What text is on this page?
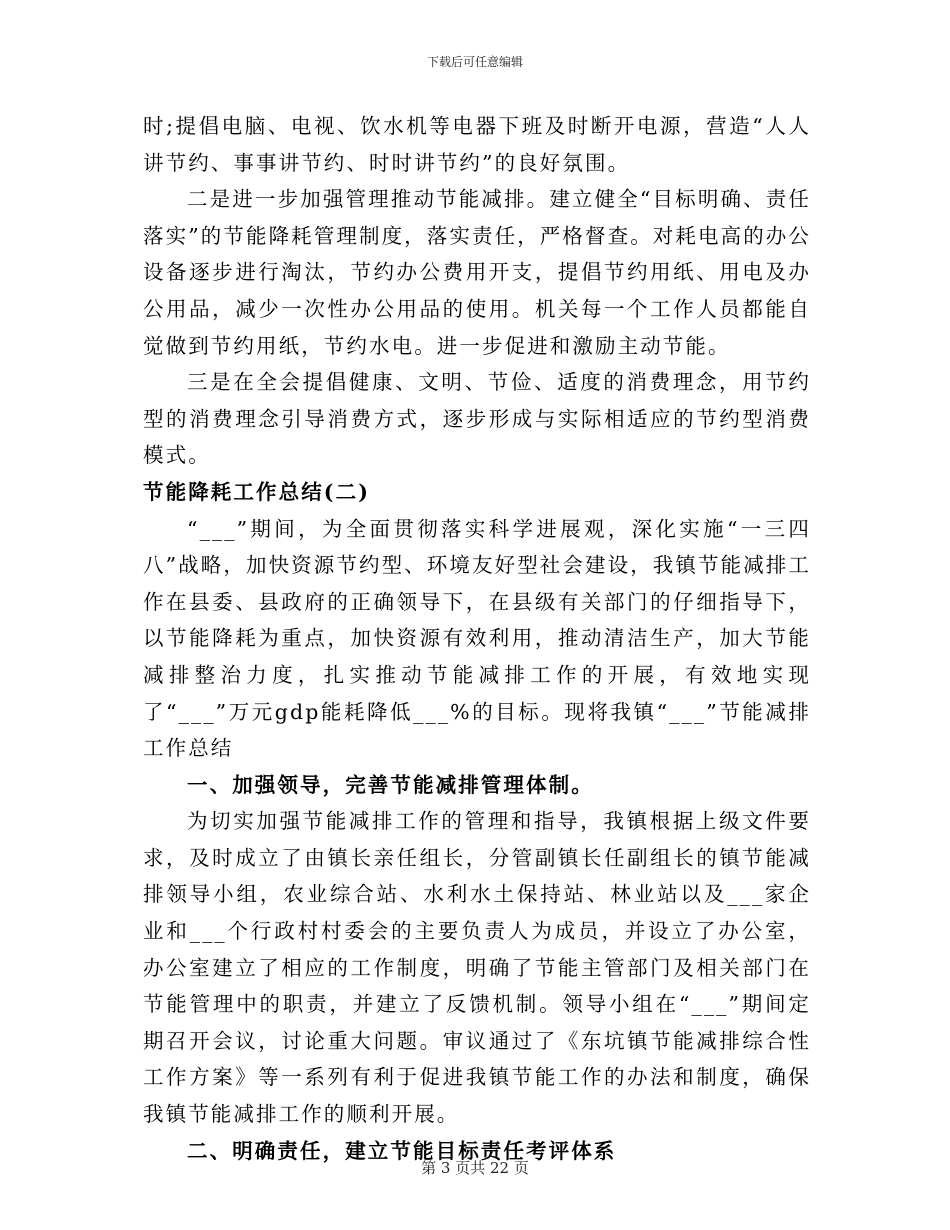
下载后可任意编辑

时;提倡电脑、电视、饮水机等电器下班及时断开电源，营造“人人讲节约、事事讲节约、时时讲节约”的良好氛围。

二是进一步加强管理推动节能减排。建立健全“目标明确、责任落实”的节能降耗管理制度，落实责任，严格督查。对耗电高的办公设备逐步进行淘汰，节约办公费用开支，提倡节约用纸、用电及办公用品，减少一次性办公用品的使用。机关每一个工作人员都能自觉做到节约用纸，节约水电。进一步促进和激励主动节能。

三是在全会提倡健康、文明、节俭、适度的消费理念，用节约型的消费理念引导消费方式，逐步形成与实际相适应的节约型消费模式。

节能降耗工作总结(二)

“___”期间，为全面贯彻落实科学进展观，深化实施“一三四八”战略，加快资源节约型、环境友好型社会建设，我镇节能减排工作在县委、县政府的正确领导下，在县级有关部门的仔细指导下，以节能降耗为重点，加快资源有效利用，推动清洁生产，加大节能减排整治力度，扎实推动节能减排工作的开展，有效地实现了“___”万元gdp能耗降低___%的目标。现将我镇“___”节能减排工作总结

一、加强领导，完善节能减排管理体制。

为切实加强节能减排工作的管理和指导，我镇根据上级文件要求，及时成立了由镇长亲任组长，分管副镇长任副组长的镇节能减排领导小组，农业综合站、水利水土保持站、林业站以及___家企业和___个行政村村委会的主要负责人为成员，并设立了办公室，办公室建立了相应的工作制度，明确了节能主管部门及相关部门在节能管理中的职责，并建立了反馈机制。领导小组在“___”期间定期召开会议，讨论重大问题。审议通过了《东坑镇节能减排综合性工作方案》等一系列有利于促进我镇节能工作的办法和制度，确保我镇节能减排工作的顺利开展。

二、明确责任，建立节能目标责任考评体系

第 3 页共 22 页
